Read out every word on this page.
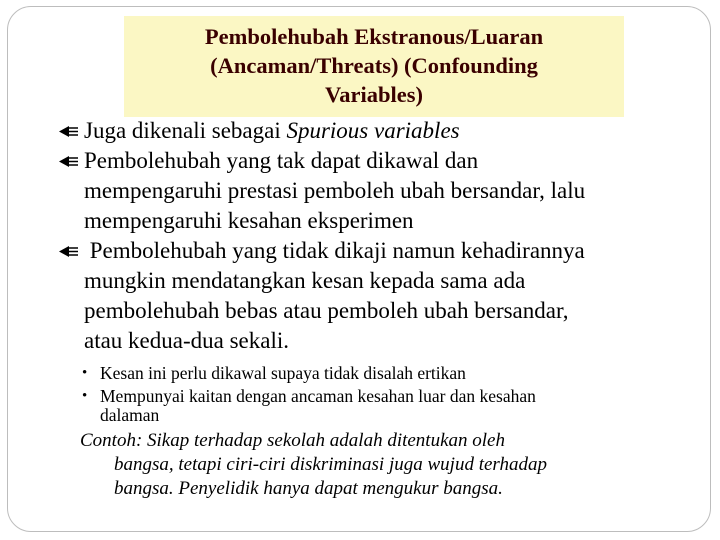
Pembolehubah Ekstranous/Luaran
(Ancaman/Threats) (Confounding
Variables)
Juga dikenali sebagai Spurious variables
Pembolehubah yang tak dapat dikawal dan
mempengaruhi prestasi pemboleh ubah bersandar, lalu
mempengaruhi kesahan eksperimen
Pembolehubah yang tidak dikaji namun kehadirannya
mungkin mendatangkan kesan kepada sama ada
pembolehubah bebas atau pemboleh ubah bersandar,
atau kedua-dua sekali.
• Kesan ini perlu dikawal supaya tidak disalah ertikan
• Mempunyai kaitan dengan ancaman kesahan luar dan kesahan
dalaman
Contoh: Sikap terhadap sekolah adalah ditentukan oleh
bangsa, tetapi ciri-ciri diskriminasi juga wujud terhadap
bangsa. Penyelidik hanya dapat mengukur bangsa.
